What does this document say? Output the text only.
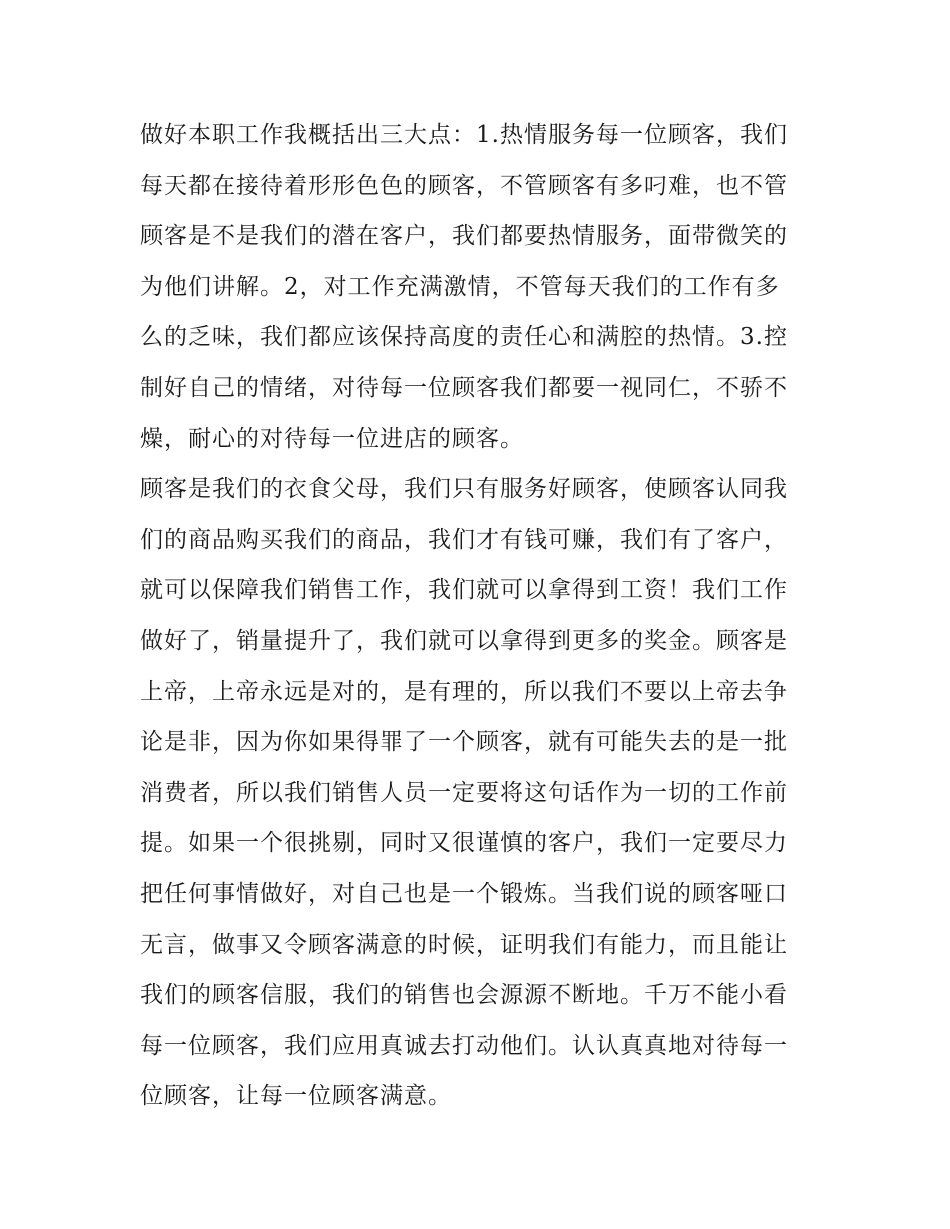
做好本职工作我概括出三大点：1.热情服务每一位顾客，我们
每天都在接待着形形色色的顾客，不管顾客有多叼难，也不管
顾客是不是我们的潜在客户，我们都要热情服务，面带微笑的
为他们讲解。2，对工作充满激情，不管每天我们的工作有多
么的乏味，我们都应该保持高度的责任心和满腔的热情。3.控
制好自己的情绪，对待每一位顾客我们都要一视同仁，不骄不
燥，耐心的对待每一位进店的顾客。
顾客是我们的衣食父母，我们只有服务好顾客，使顾客认同我
们的商品购买我们的商品，我们才有钱可赚，我们有了客户，
就可以保障我们销售工作，我们就可以拿得到工资！我们工作
做好了，销量提升了，我们就可以拿得到更多的奖金。顾客是
上帝，上帝永远是对的，是有理的，所以我们不要以上帝去争
论是非，因为你如果得罪了一个顾客，就有可能失去的是一批
消费者，所以我们销售人员一定要将这句话作为一切的工作前
提。如果一个很挑剔，同时又很谨慎的客户，我们一定要尽力
把任何事情做好，对自己也是一个锻炼。当我们说的顾客哑口
无言，做事又令顾客满意的时候，证明我们有能力，而且能让
我们的顾客信服，我们的销售也会源源不断地。千万不能小看
每一位顾客，我们应用真诚去打动他们。认认真真地对待每一
位顾客，让每一位顾客满意。
